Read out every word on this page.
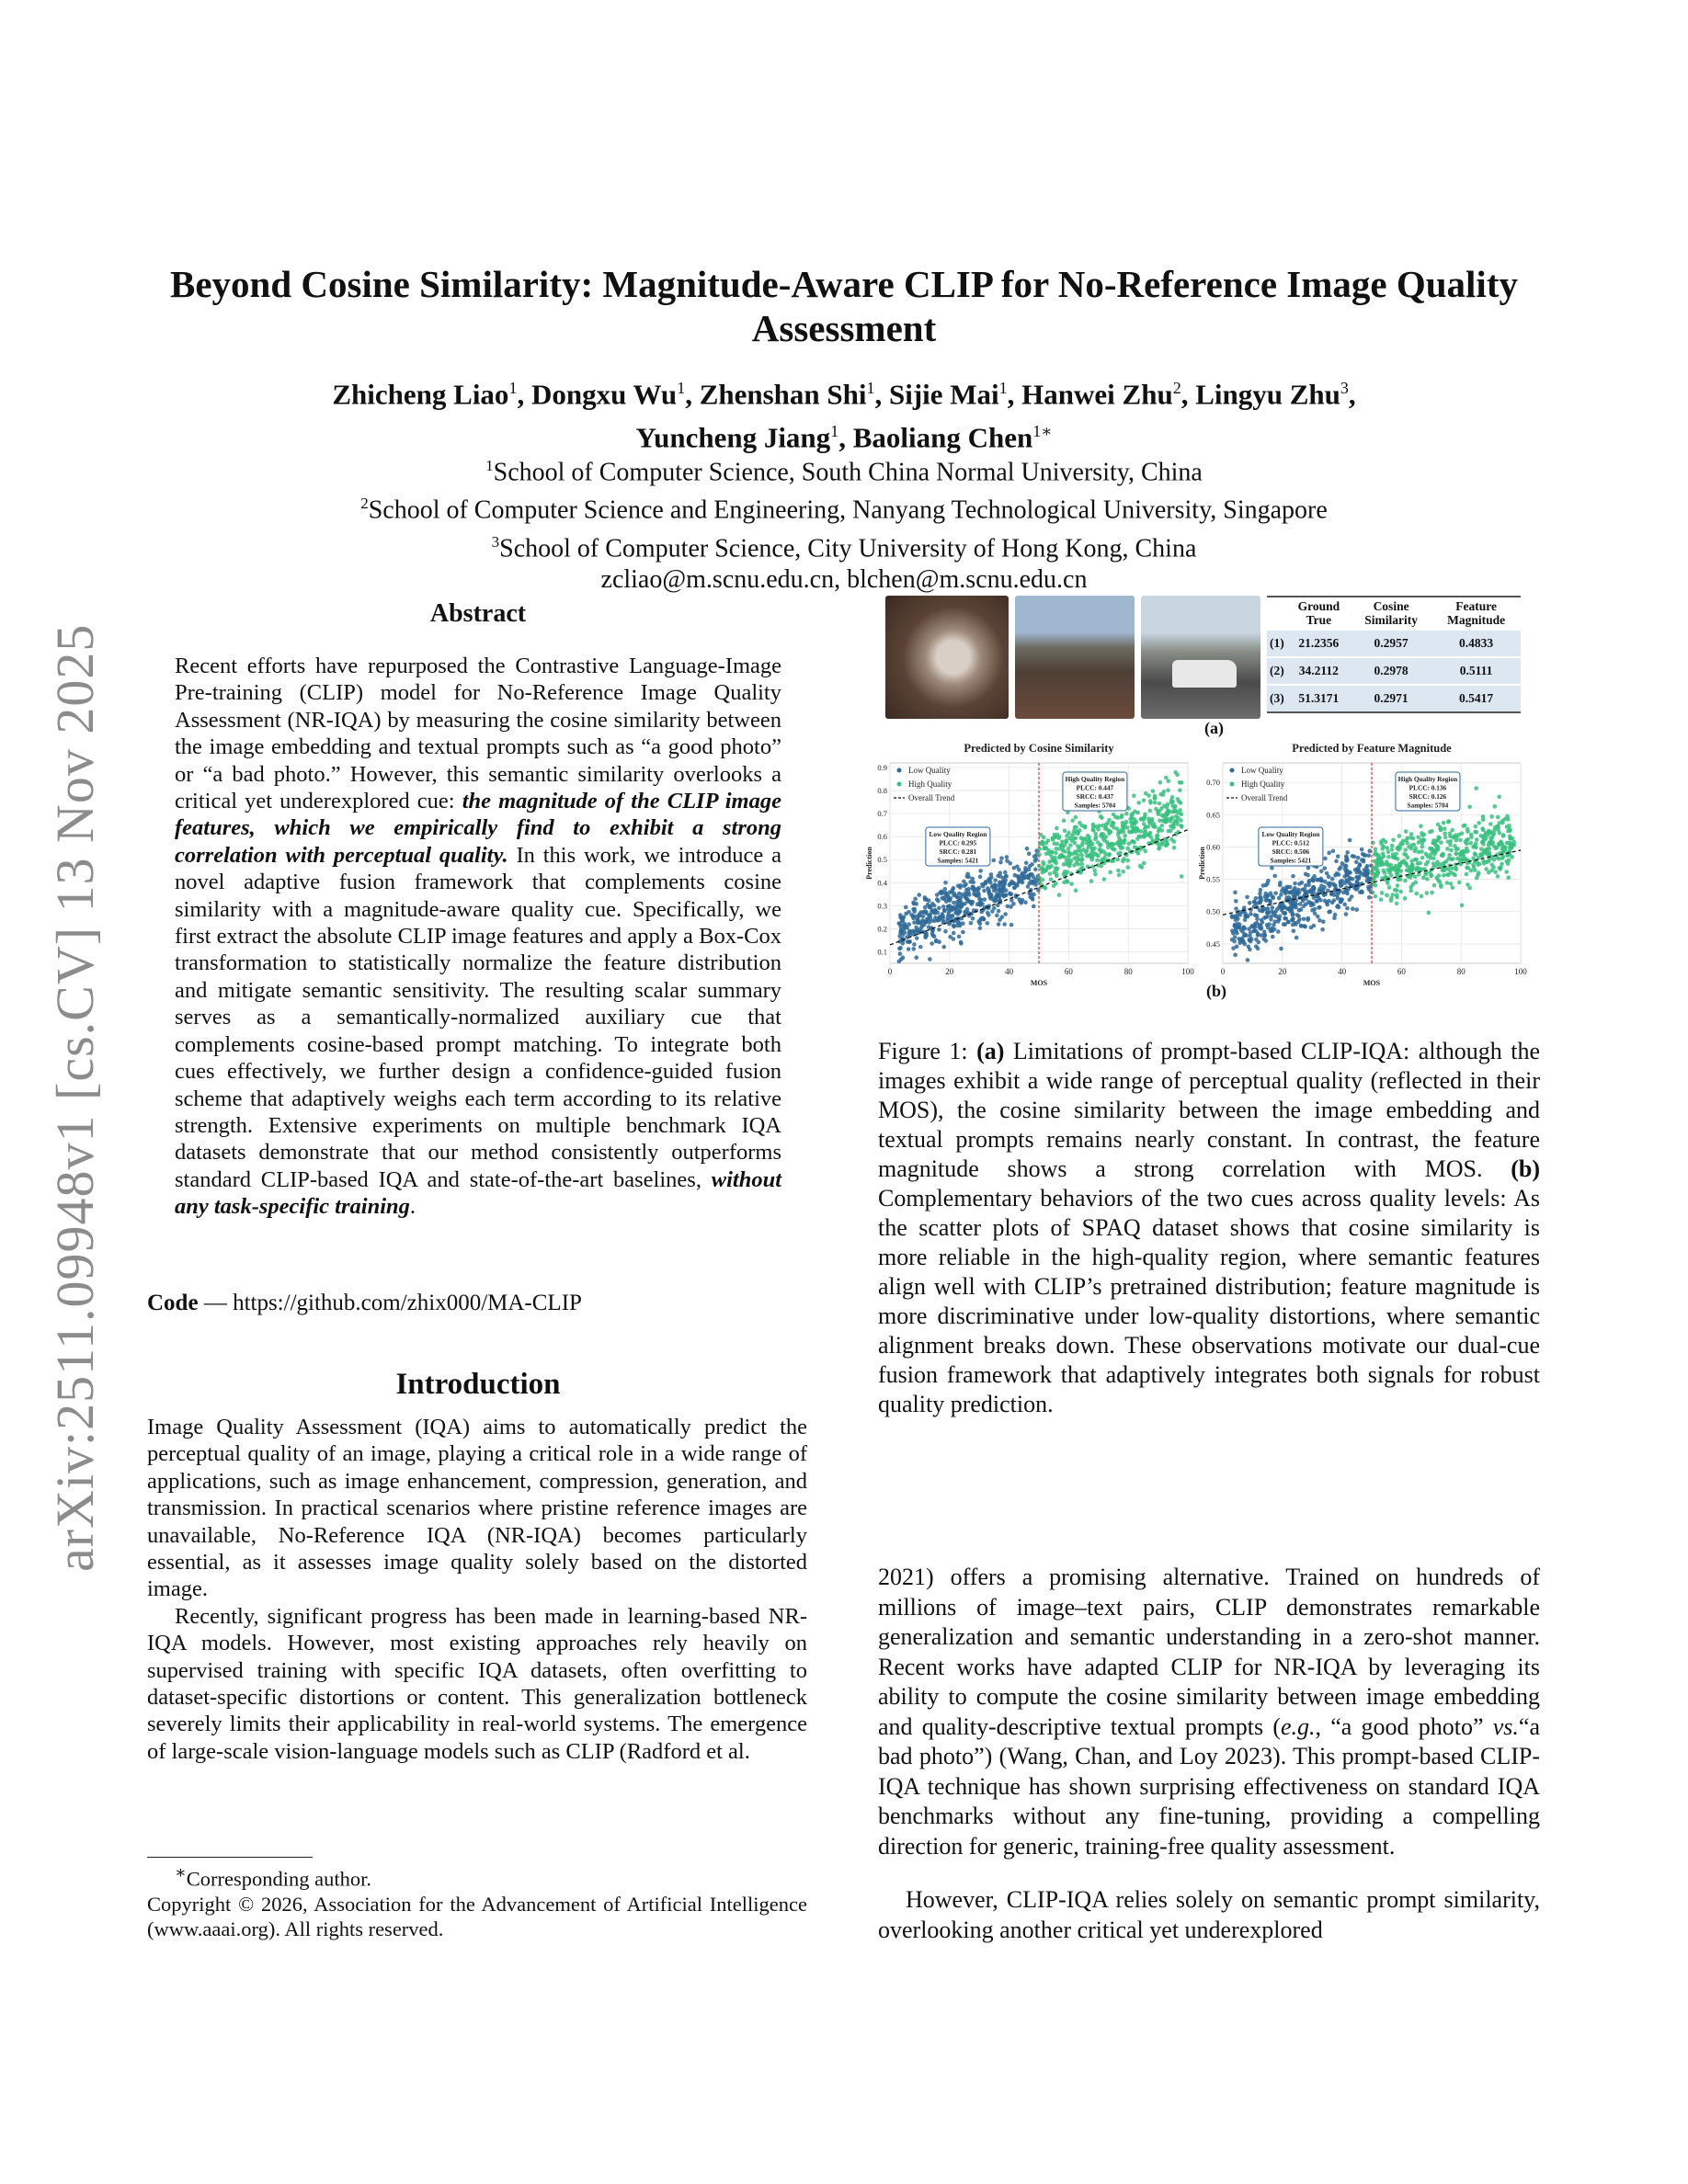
arXiv:2511.09948v1 [cs.CV] 13 Nov 2025
Beyond Cosine Similarity: Magnitude-Aware CLIP for No-Reference Image Quality Assessment
Zhicheng Liao$^1$, Dongxu Wu$^1$, Zhenshan Shi$^1$, Sijie Mai$^1$, Hanwei Zhu$^2$, Lingyu Zhu$^3$,
Yuncheng Jiang$^1$, Baoliang Chen$^{1∗}$
$^1$School of Computer Science, South China Normal University, China
$^2$School of Computer Science and Engineering, Nanyang Technological University, Singapore
$^3$School of Computer Science, City University of Hong Kong, China
zcliao@m.scnu.edu.cn, blchen@m.scnu.edu.cn
Abstract

Recent efforts have repurposed the Contrastive Language-Image Pre-training (CLIP) model for No-Reference Image Quality Assessment (NR-IQA) by measuring the cosine similarity between the image embedding and textual prompts such as “a good photo” or “a bad photo.” However, this semantic similarity overlooks a critical yet underexplored cue: the magnitude of the CLIP image features, which we empirically find to exhibit a strong correlation with perceptual quality. In this work, we introduce a novel adaptive fusion framework that complements cosine similarity with a magnitude-aware quality cue. Specifically, we first extract the absolute CLIP image features and apply a Box-Cox transformation to statistically normalize the feature distribution and mitigate semantic sensitivity. The resulting scalar summary serves as a semantically-normalized auxiliary cue that complements cosine-based prompt matching. To integrate both cues effectively, we further design a confidence-guided fusion scheme that adaptively weighs each term according to its relative strength. Extensive experiments on multiple benchmark IQA datasets demonstrate that our method consistently outperforms standard CLIP-based IQA and state-of-the-art baselines, without any task-specific training.

Code — https://github.com/zhix000/MA-CLIP
Introduction

Image Quality Assessment (IQA) aims to automatically predict the perceptual quality of an image, playing a critical role in a wide range of applications, such as image enhancement, compression, generation, and transmission. In practical scenarios where pristine reference images are unavailable, No-Reference IQA (NR-IQA) becomes particularly essential, as it assesses image quality solely based on the distorted image.

Recently, significant progress has been made in learning-based NR-IQA models. However, most existing approaches rely heavily on supervised training with specific IQA datasets, often overfitting to dataset-specific distortions or content. This generalization bottleneck severely limits their applicability in real-world systems. The emergence of large-scale vision-language models such as CLIP (Radford et al.

∗Corresponding author.
Copyright © 2026, Association for the Advancement of Artificial Intelligence (www.aaai.org). All rights reserved.
	Ground True	Cosine Similarity	Feature Magnitude
(1)	21.2356	0.2957	0.4833
(2)	34.2112	0.2978	0.5111
(3)	51.3171	0.2971	0.5417
(a)
0.1
0.2
0.3
0.4
0.5
0.6
0.7
0.8
0.9
0	20	40	60	80	100
Predicted by Cosine Similarity
MOS
Prediction
Low Quality
High Quality
Overall Trend
Low Quality Region
PLCC: 0.295
SRCC: 0.281
Samples: 5421
High Quality Region
PLCC: 0.447
SRCC: 0.437
Samples: 5704
0.45
0.50
0.55
0.60
0.65
0.70
0	20	40	60	80	100
Predicted by Feature Magnitude
MOS
Prediction
Low Quality
High Quality
Overall Trend
Low Quality Region
PLCC: 0.512
SRCC: 0.506
Samples: 5421
High Quality Region
PLCC: 0.136
SRCC: 0.126
Samples: 5704
(b)
Figure 1: (a) Limitations of prompt-based CLIP-IQA: although the images exhibit a wide range of perceptual quality (reflected in their MOS), the cosine similarity between the image embedding and textual prompts remains nearly constant. In contrast, the feature magnitude shows a strong correlation with MOS. (b) Complementary behaviors of the two cues across quality levels: As the scatter plots of SPAQ dataset shows that cosine similarity is more reliable in the high-quality region, where semantic features align well with CLIP’s pretrained distribution; feature magnitude is more discriminative under low-quality distortions, where semantic alignment breaks down. These observations motivate our dual-cue fusion framework that adaptively integrates both signals for robust quality prediction.

2021) offers a promising alternative. Trained on hundreds of millions of image–text pairs, CLIP demonstrates remarkable generalization and semantic understanding in a zero-shot manner. Recent works have adapted CLIP for NR-IQA by leveraging its ability to compute the cosine similarity between image embedding and quality-descriptive textual prompts (e.g., “a good photo” vs.“a bad photo”) (Wang, Chan, and Loy 2023). This prompt-based CLIP-IQA technique has shown surprising effectiveness on standard IQA benchmarks without any fine-tuning, providing a compelling direction for generic, training-free quality assessment.

However, CLIP-IQA relies solely on semantic prompt similarity, overlooking another critical yet underexplored
